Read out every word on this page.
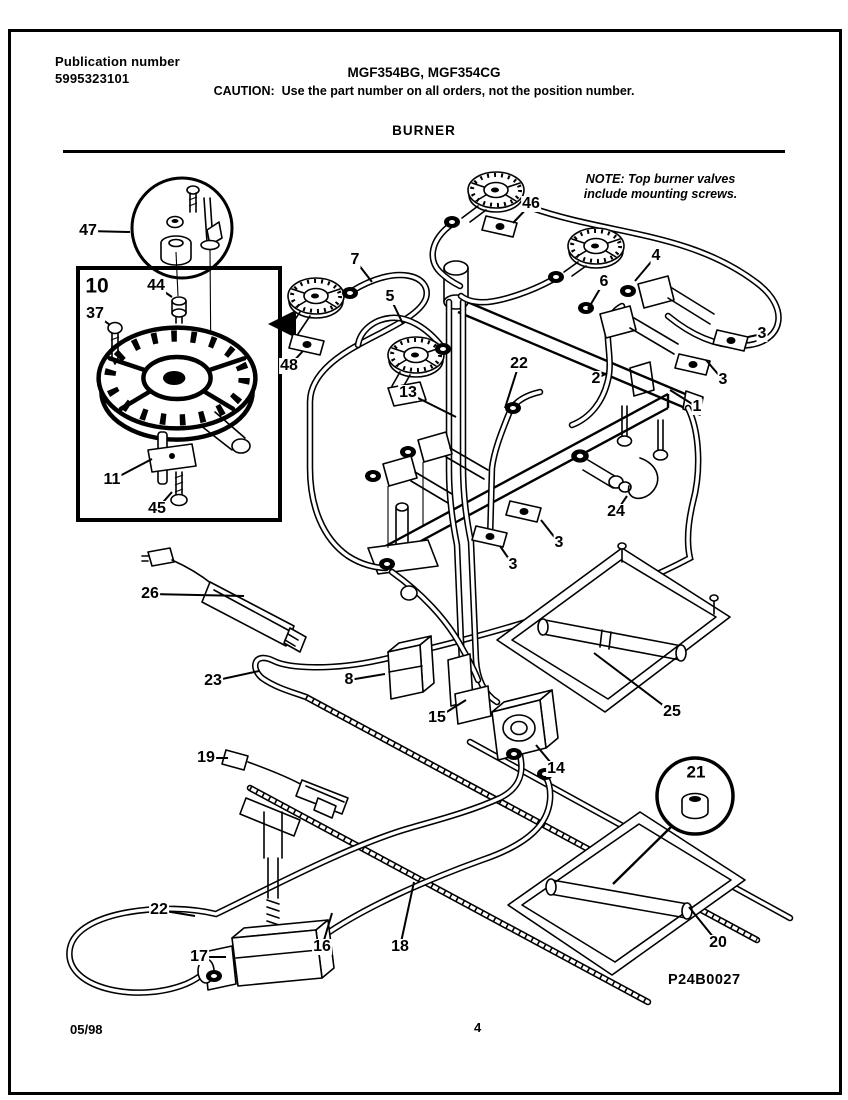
Publication number
5995323101	MGF354BG, MGF354CG
CAUTION:  Use the part number on all orders, not the position number.
BURNER
NOTE: Top burner valves
include mounting screws.
47
10 44
37
11
45
48
7
5
46
4
6
3
3
2
1
22
13
24
3
3
26
23	8
15
14
25
19
21
22
17
16	18	20
P24B0027
05/98	4
